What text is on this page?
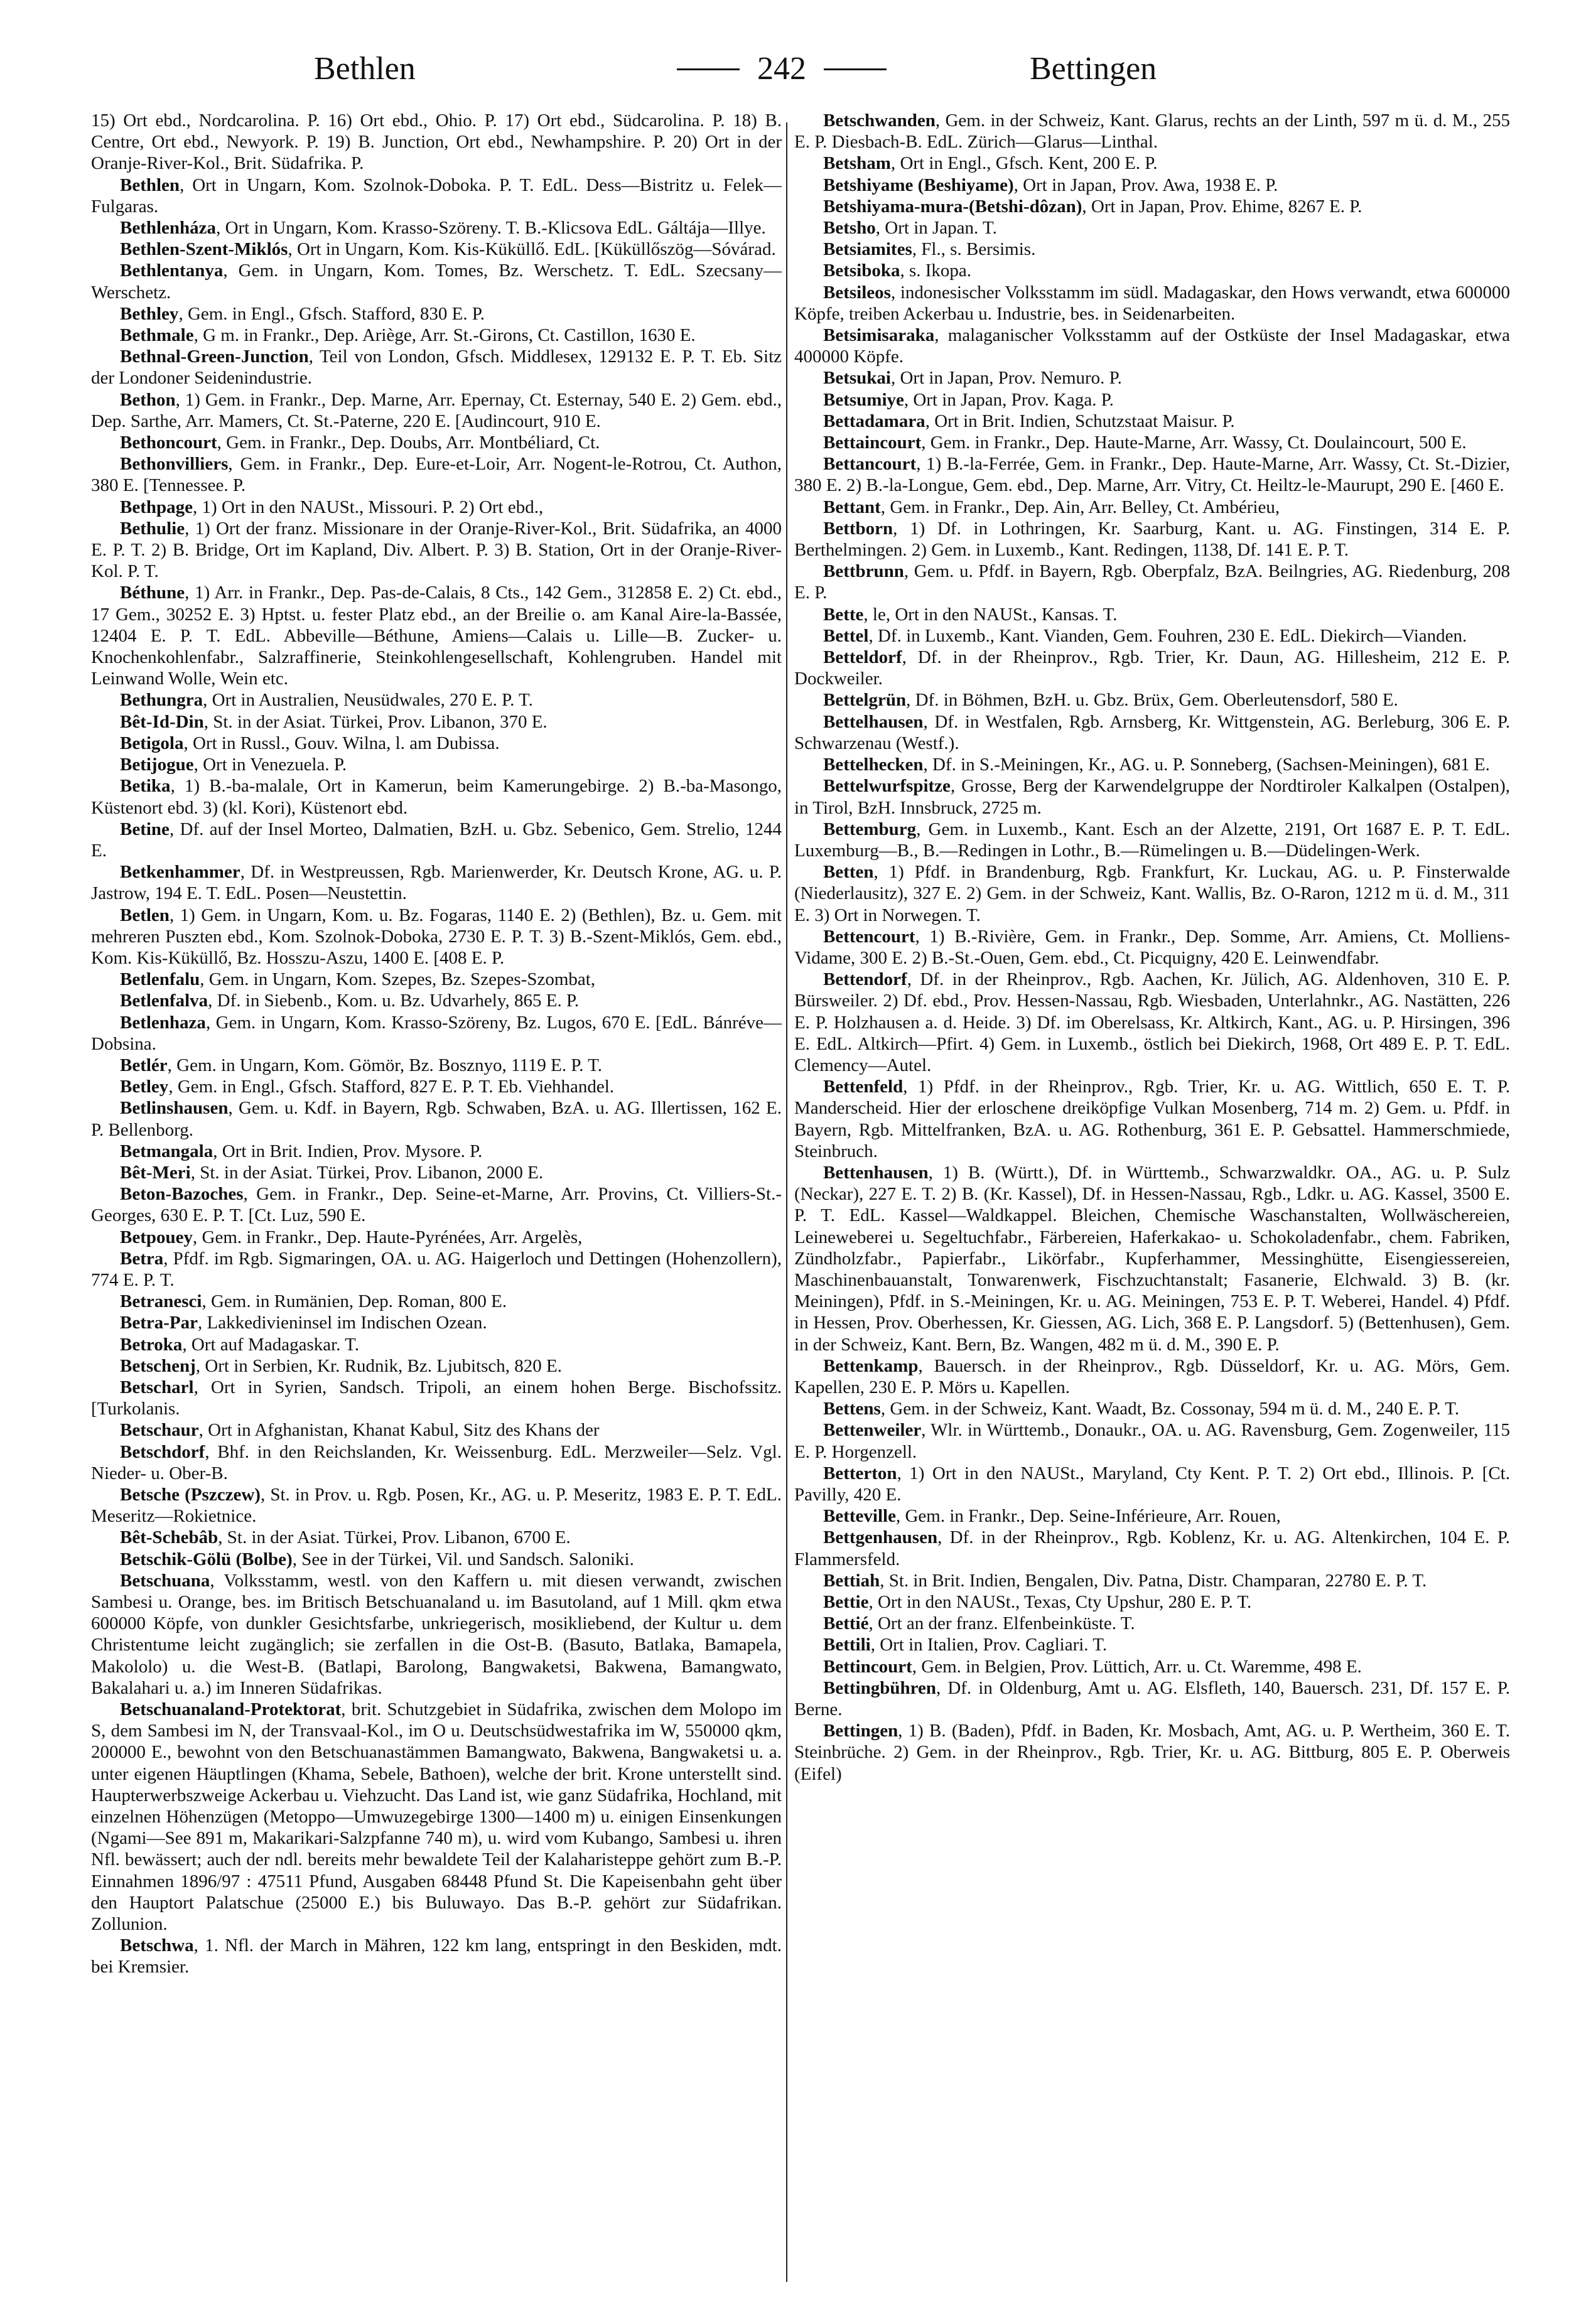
Bethlen	242	Bettingen

15) Ort ebd., Nordcarolina. P. 16) Ort ebd., Ohio. P. 17) Ort ebd., Südcarolina. P. 18) B. Centre, Ort ebd., Newyork. P. 19) B. Junction, Ort ebd., Newhampshire. P. 20) Ort in der Oranje-River-Kol., Brit. Südafrika. P.

Bethlen, Ort in Ungarn, Kom. Szolnok-Doboka. P. T. EdL. Dess—Bistritz u. Felek—Fulgaras.

Bethlenháza, Ort in Ungarn, Kom. Krasso-Szöreny. T. B.-Klicsova EdL. Gáltája—Illye.

Bethlen-Szent-Miklós, Ort in Ungarn, Kom. Kis-Küküllő. EdL. [Küküllőszög—Sóvárad.

Bethlentanya, Gem. in Ungarn, Kom. Tomes, Bz. Werschetz. T. EdL. Szecsany—Werschetz.

Bethley, Gem. in Engl., Gfsch. Stafford, 830 E. P.

Bethmale, G m. in Frankr., Dep. Ariège, Arr. St.-Girons, Ct. Castillon, 1630 E.

Bethnal-Green-Junction, Teil von London, Gfsch. Middlesex, 129132 E. P. T. Eb. Sitz der Londoner Seidenindustrie.

Bethon, 1) Gem. in Frankr., Dep. Marne, Arr. Epernay, Ct. Esternay, 540 E. 2) Gem. ebd., Dep. Sarthe, Arr. Mamers, Ct. St.-Paterne, 220 E. [Audincourt, 910 E.

Bethoncourt, Gem. in Frankr., Dep. Doubs, Arr. Montbéliard, Ct.

Bethonvilliers, Gem. in Frankr., Dep. Eure-et-Loir, Arr. Nogent-le-Rotrou, Ct. Authon, 380 E. [Tennessee. P.

Bethpage, 1) Ort in den NAUSt., Missouri. P. 2) Ort ebd.,

Bethulie, 1) Ort der franz. Missionare in der Oranje-River-Kol., Brit. Südafrika, an 4000 E. P. T. 2) B. Bridge, Ort im Kapland, Div. Albert. P. 3) B. Station, Ort in der Oranje-River-Kol. P. T.

Béthune, 1) Arr. in Frankr., Dep. Pas-de-Calais, 8 Cts., 142 Gem., 312858 E. 2) Ct. ebd., 17 Gem., 30252 E. 3) Hptst. u. fester Platz ebd., an der Breilie o. am Kanal Aire-la-Bassée, 12404 E. P. T. EdL. Abbeville—Béthune, Amiens—Calais u. Lille—B. Zucker- u. Knochenkohlenfabr., Salzraffinerie, Steinkohlengesellschaft, Kohlengruben. Handel mit Leinwand Wolle, Wein etc.

Bethungra, Ort in Australien, Neusüdwales, 270 E. P. T.

Bêt-Id-Din, St. in der Asiat. Türkei, Prov. Libanon, 370 E.

Betigola, Ort in Russl., Gouv. Wilna, l. am Dubissa.

Betijogue, Ort in Venezuela. P.

Betika, 1) B.-ba-malale, Ort in Kamerun, beim Kamerungebirge. 2) B.-ba-Masongo, Küstenort ebd. 3) (kl. Kori), Küstenort ebd.

Betine, Df. auf der Insel Morteo, Dalmatien, BzH. u. Gbz. Sebenico, Gem. Strelio, 1244 E.

Betkenhammer, Df. in Westpreussen, Rgb. Marienwerder, Kr. Deutsch Krone, AG. u. P. Jastrow, 194 E. T. EdL. Posen—Neustettin.

Betlen, 1) Gem. in Ungarn, Kom. u. Bz. Fogaras, 1140 E. 2) (Bethlen), Bz. u. Gem. mit mehreren Puszten ebd., Kom. Szolnok-Doboka, 2730 E. P. T. 3) B.-Szent-Miklós, Gem. ebd., Kom. Kis-Küküllő, Bz. Hosszu-Aszu, 1400 E. [408 E. P.

Betlenfalu, Gem. in Ungarn, Kom. Szepes, Bz. Szepes-Szombat,

Betlenfalva, Df. in Siebenb., Kom. u. Bz. Udvarhely, 865 E. P.

Betlenhaza, Gem. in Ungarn, Kom. Krasso-Szöreny, Bz. Lugos, 670 E. [EdL. Bánréve—Dobsina.

Betlér, Gem. in Ungarn, Kom. Gömör, Bz. Bosznyo, 1119 E. P. T.

Betley, Gem. in Engl., Gfsch. Stafford, 827 E. P. T. Eb. Viehhandel.

Betlinshausen, Gem. u. Kdf. in Bayern, Rgb. Schwaben, BzA. u. AG. Illertissen, 162 E. P. Bellenborg.

Betmangala, Ort in Brit. Indien, Prov. Mysore. P.

Bêt-Meri, St. in der Asiat. Türkei, Prov. Libanon, 2000 E.

Beton-Bazoches, Gem. in Frankr., Dep. Seine-et-Marne, Arr. Provins, Ct. Villiers-St.-Georges, 630 E. P. T. [Ct. Luz, 590 E.

Betpouey, Gem. in Frankr., Dep. Haute-Pyrénées, Arr. Argelès,

Betra, Pfdf. im Rgb. Sigmaringen, OA. u. AG. Haigerloch und Dettingen (Hohenzollern), 774 E. P. T.

Betranesci, Gem. in Rumänien, Dep. Roman, 800 E.

Betra-Par, Lakkedivieninsel im Indischen Ozean.

Betroka, Ort auf Madagaskar. T.

Betschenj, Ort in Serbien, Kr. Rudnik, Bz. Ljubitsch, 820 E.

Betscharl, Ort in Syrien, Sandsch. Tripoli, an einem hohen Berge. Bischofssitz. [Turkolanis.

Betschaur, Ort in Afghanistan, Khanat Kabul, Sitz des Khans der

Betschdorf, Bhf. in den Reichslanden, Kr. Weissenburg. EdL. Merzweiler—Selz. Vgl. Nieder- u. Ober-B.

Betsche (Pszczew), St. in Prov. u. Rgb. Posen, Kr., AG. u. P. Meseritz, 1983 E. P. T. EdL. Meseritz—Rokietnice.

Bêt-Schebâb, St. in der Asiat. Türkei, Prov. Libanon, 6700 E.

Betschik-Gölü (Bolbe), See in der Türkei, Vil. und Sandsch. Saloniki.

Betschuana, Volksstamm, westl. von den Kaffern u. mit diesen verwandt, zwischen Sambesi u. Orange, bes. im Britisch Betschuanaland u. im Basutoland, auf 1 Mill. qkm etwa 600000 Köpfe, von dunkler Gesichtsfarbe, unkriegerisch, mosikliebend, der Kultur u. dem Christentume leicht zugänglich; sie zerfallen in die Ost-B. (Basuto, Batlaka, Bamapela, Makololo) u. die West-B. (Batlapi, Barolong, Bangwaketsi, Bakwena, Bamangwato, Bakalahari u. a.) im Inneren Südafrikas.

Betschuanaland-Protektorat, brit. Schutzgebiet in Südafrika, zwischen dem Molopo im S, dem Sambesi im N, der Transvaal-Kol., im O u. Deutschsüdwestafrika im W, 550000 qkm, 200000 E., bewohnt von den Betschuanastämmen Bamangwato, Bakwena, Bangwaketsi u. a. unter eigenen Häuptlingen (Khama, Sebele, Bathoen), welche der brit. Krone unterstellt sind. Haupterwerbszweige Ackerbau u. Viehzucht. Das Land ist, wie ganz Südafrika, Hochland, mit einzelnen Höhenzügen (Metoppo—Umwuzegebirge 1300—1400 m) u. einigen Einsenkungen (Ngami—See 891 m, Makarikari-Salzpfanne 740 m), u. wird vom Kubango, Sambesi u. ihren Nfl. bewässert; auch der ndl. bereits mehr bewaldete Teil der Kalaharisteppe gehört zum B.-P. Einnahmen 1896/97 : 47511 Pfund, Ausgaben 68448 Pfund St. Die Kapeisenbahn geht über den Hauptort Palatschue (25000 E.) bis Buluwayo. Das B.-P. gehört zur Südafrikan. Zollunion.

Betschwa, 1. Nfl. der March in Mähren, 122 km lang, entspringt in den Beskiden, mdt. bei Kremsier.

Betschwanden, Gem. in der Schweiz, Kant. Glarus, rechts an der Linth, 597 m ü. d. M., 255 E. P. Diesbach-B. EdL. Zürich—Glarus—Linthal.

Betsham, Ort in Engl., Gfsch. Kent, 200 E. P.

Betshiyame (Beshiyame), Ort in Japan, Prov. Awa, 1938 E. P.

Betshiyama-mura-(Betshi-dôzan), Ort in Japan, Prov. Ehime, 8267 E. P.

Betsho, Ort in Japan. T.

Betsiamites, Fl., s. Bersimis.

Betsiboka, s. Ikopa.

Betsileos, indonesischer Volksstamm im südl. Madagaskar, den Hows verwandt, etwa 600000 Köpfe, treiben Ackerbau u. Industrie, bes. in Seidenarbeiten.

Betsimisaraka, malaganischer Volksstamm auf der Ostküste der Insel Madagaskar, etwa 400000 Köpfe.

Betsukai, Ort in Japan, Prov. Nemuro. P.

Betsumiye, Ort in Japan, Prov. Kaga. P.

Bettadamara, Ort in Brit. Indien, Schutzstaat Maisur. P.

Bettaincourt, Gem. in Frankr., Dep. Haute-Marne, Arr. Wassy, Ct. Doulaincourt, 500 E.

Bettancourt, 1) B.-la-Ferrée, Gem. in Frankr., Dep. Haute-Marne, Arr. Wassy, Ct. St.-Dizier, 380 E. 2) B.-la-Longue, Gem. ebd., Dep. Marne, Arr. Vitry, Ct. Heiltz-le-Maurupt, 290 E. [460 E.

Bettant, Gem. in Frankr., Dep. Ain, Arr. Belley, Ct. Ambérieu,

Bettborn, 1) Df. in Lothringen, Kr. Saarburg, Kant. u. AG. Finstingen, 314 E. P. Berthelmingen. 2) Gem. in Luxemb., Kant. Redingen, 1138, Df. 141 E. P. T.

Bettbrunn, Gem. u. Pfdf. in Bayern, Rgb. Oberpfalz, BzA. Beilngries, AG. Riedenburg, 208 E. P.

Bette, le, Ort in den NAUSt., Kansas. T.

Bettel, Df. in Luxemb., Kant. Vianden, Gem. Fouhren, 230 E. EdL. Diekirch—Vianden.

Betteldorf, Df. in der Rheinprov., Rgb. Trier, Kr. Daun, AG. Hillesheim, 212 E. P. Dockweiler.

Bettelgrün, Df. in Böhmen, BzH. u. Gbz. Brüx, Gem. Oberleutensdorf, 580 E.

Bettelhausen, Df. in Westfalen, Rgb. Arnsberg, Kr. Wittgenstein, AG. Berleburg, 306 E. P. Schwarzenau (Westf.).

Bettelhecken, Df. in S.-Meiningen, Kr., AG. u. P. Sonneberg, (Sachsen-Meiningen), 681 E.

Bettelwurfspitze, Grosse, Berg der Karwendelgruppe der Nordtiroler Kalkalpen (Ostalpen), in Tirol, BzH. Innsbruck, 2725 m.

Bettemburg, Gem. in Luxemb., Kant. Esch an der Alzette, 2191, Ort 1687 E. P. T. EdL. Luxemburg—B., B.—Redingen in Lothr., B.—Rümelingen u. B.—Düdelingen-Werk.

Betten, 1) Pfdf. in Brandenburg, Rgb. Frankfurt, Kr. Luckau, AG. u. P. Finsterwalde (Niederlausitz), 327 E. 2) Gem. in der Schweiz, Kant. Wallis, Bz. O-Raron, 1212 m ü. d. M., 311 E. 3) Ort in Norwegen. T.

Bettencourt, 1) B.-Rivière, Gem. in Frankr., Dep. Somme, Arr. Amiens, Ct. Molliens-Vidame, 300 E. 2) B.-St.-Ouen, Gem. ebd., Ct. Picquigny, 420 E. Leinwendfabr.

Bettendorf, Df. in der Rheinprov., Rgb. Aachen, Kr. Jülich, AG. Aldenhoven, 310 E. P. Bürsweiler. 2) Df. ebd., Prov. Hessen-Nassau, Rgb. Wiesbaden, Unterlahnkr., AG. Nastätten, 226 E. P. Holzhausen a. d. Heide. 3) Df. im Oberelsass, Kr. Altkirch, Kant., AG. u. P. Hirsingen, 396 E. EdL. Altkirch—Pfirt. 4) Gem. in Luxemb., östlich bei Diekirch, 1968, Ort 489 E. P. T. EdL. Clemency—Autel.

Bettenfeld, 1) Pfdf. in der Rheinprov., Rgb. Trier, Kr. u. AG. Wittlich, 650 E. T. P. Manderscheid. Hier der erloschene dreiköpfige Vulkan Mosenberg, 714 m. 2) Gem. u. Pfdf. in Bayern, Rgb. Mittelfranken, BzA. u. AG. Rothenburg, 361 E. P. Gebsattel. Hammerschmiede, Steinbruch.

Bettenhausen, 1) B. (Württ.), Df. in Württemb., Schwarzwaldkr. OA., AG. u. P. Sulz (Neckar), 227 E. T. 2) B. (Kr. Kassel), Df. in Hessen-Nassau, Rgb., Ldkr. u. AG. Kassel, 3500 E. P. T. EdL. Kassel—Waldkappel. Bleichen, Chemische Waschanstalten, Wollwäschereien, Leineweberei u. Segeltuchfabr., Färbereien, Haferkakao- u. Schokoladenfabr., chem. Fabriken, Zündholzfabr., Papierfabr., Likörfabr., Kupferhammer, Messinghütte, Eisengiessereien, Maschinenbauanstalt, Tonwarenwerk, Fischzuchtanstalt; Fasanerie, Elchwald. 3) B. (kr. Meiningen), Pfdf. in S.-Meiningen, Kr. u. AG. Meiningen, 753 E. P. T. Weberei, Handel. 4) Pfdf. in Hessen, Prov. Oberhessen, Kr. Giessen, AG. Lich, 368 E. P. Langsdorf. 5) (Bettenhusen), Gem. in der Schweiz, Kant. Bern, Bz. Wangen, 482 m ü. d. M., 390 E. P.

Bettenkamp, Bauersch. in der Rheinprov., Rgb. Düsseldorf, Kr. u. AG. Mörs, Gem. Kapellen, 230 E. P. Mörs u. Kapellen.

Bettens, Gem. in der Schweiz, Kant. Waadt, Bz. Cossonay, 594 m ü. d. M., 240 E. P. T.

Bettenweiler, Wlr. in Württemb., Donaukr., OA. u. AG. Ravensburg, Gem. Zogenweiler, 115 E. P. Horgenzell.

Betterton, 1) Ort in den NAUSt., Maryland, Cty Kent. P. T. 2) Ort ebd., Illinois. P. [Ct. Pavilly, 420 E.

Betteville, Gem. in Frankr., Dep. Seine-Inférieure, Arr. Rouen,

Bettgenhausen, Df. in der Rheinprov., Rgb. Koblenz, Kr. u. AG. Altenkirchen, 104 E. P. Flammersfeld.

Bettiah, St. in Brit. Indien, Bengalen, Div. Patna, Distr. Champaran, 22780 E. P. T.

Bettie, Ort in den NAUSt., Texas, Cty Upshur, 280 E. P. T.

Bettié, Ort an der franz. Elfenbeinküste. T.

Bettili, Ort in Italien, Prov. Cagliari. T.

Bettincourt, Gem. in Belgien, Prov. Lüttich, Arr. u. Ct. Waremme, 498 E.

Bettingbühren, Df. in Oldenburg, Amt u. AG. Elsfleth, 140, Bauersch. 231, Df. 157 E. P. Berne.

Bettingen, 1) B. (Baden), Pfdf. in Baden, Kr. Mosbach, Amt, AG. u. P. Wertheim, 360 E. T. Steinbrüche. 2) Gem. in der Rheinprov., Rgb. Trier, Kr. u. AG. Bittburg, 805 E. P. Oberweis (Eifel)
